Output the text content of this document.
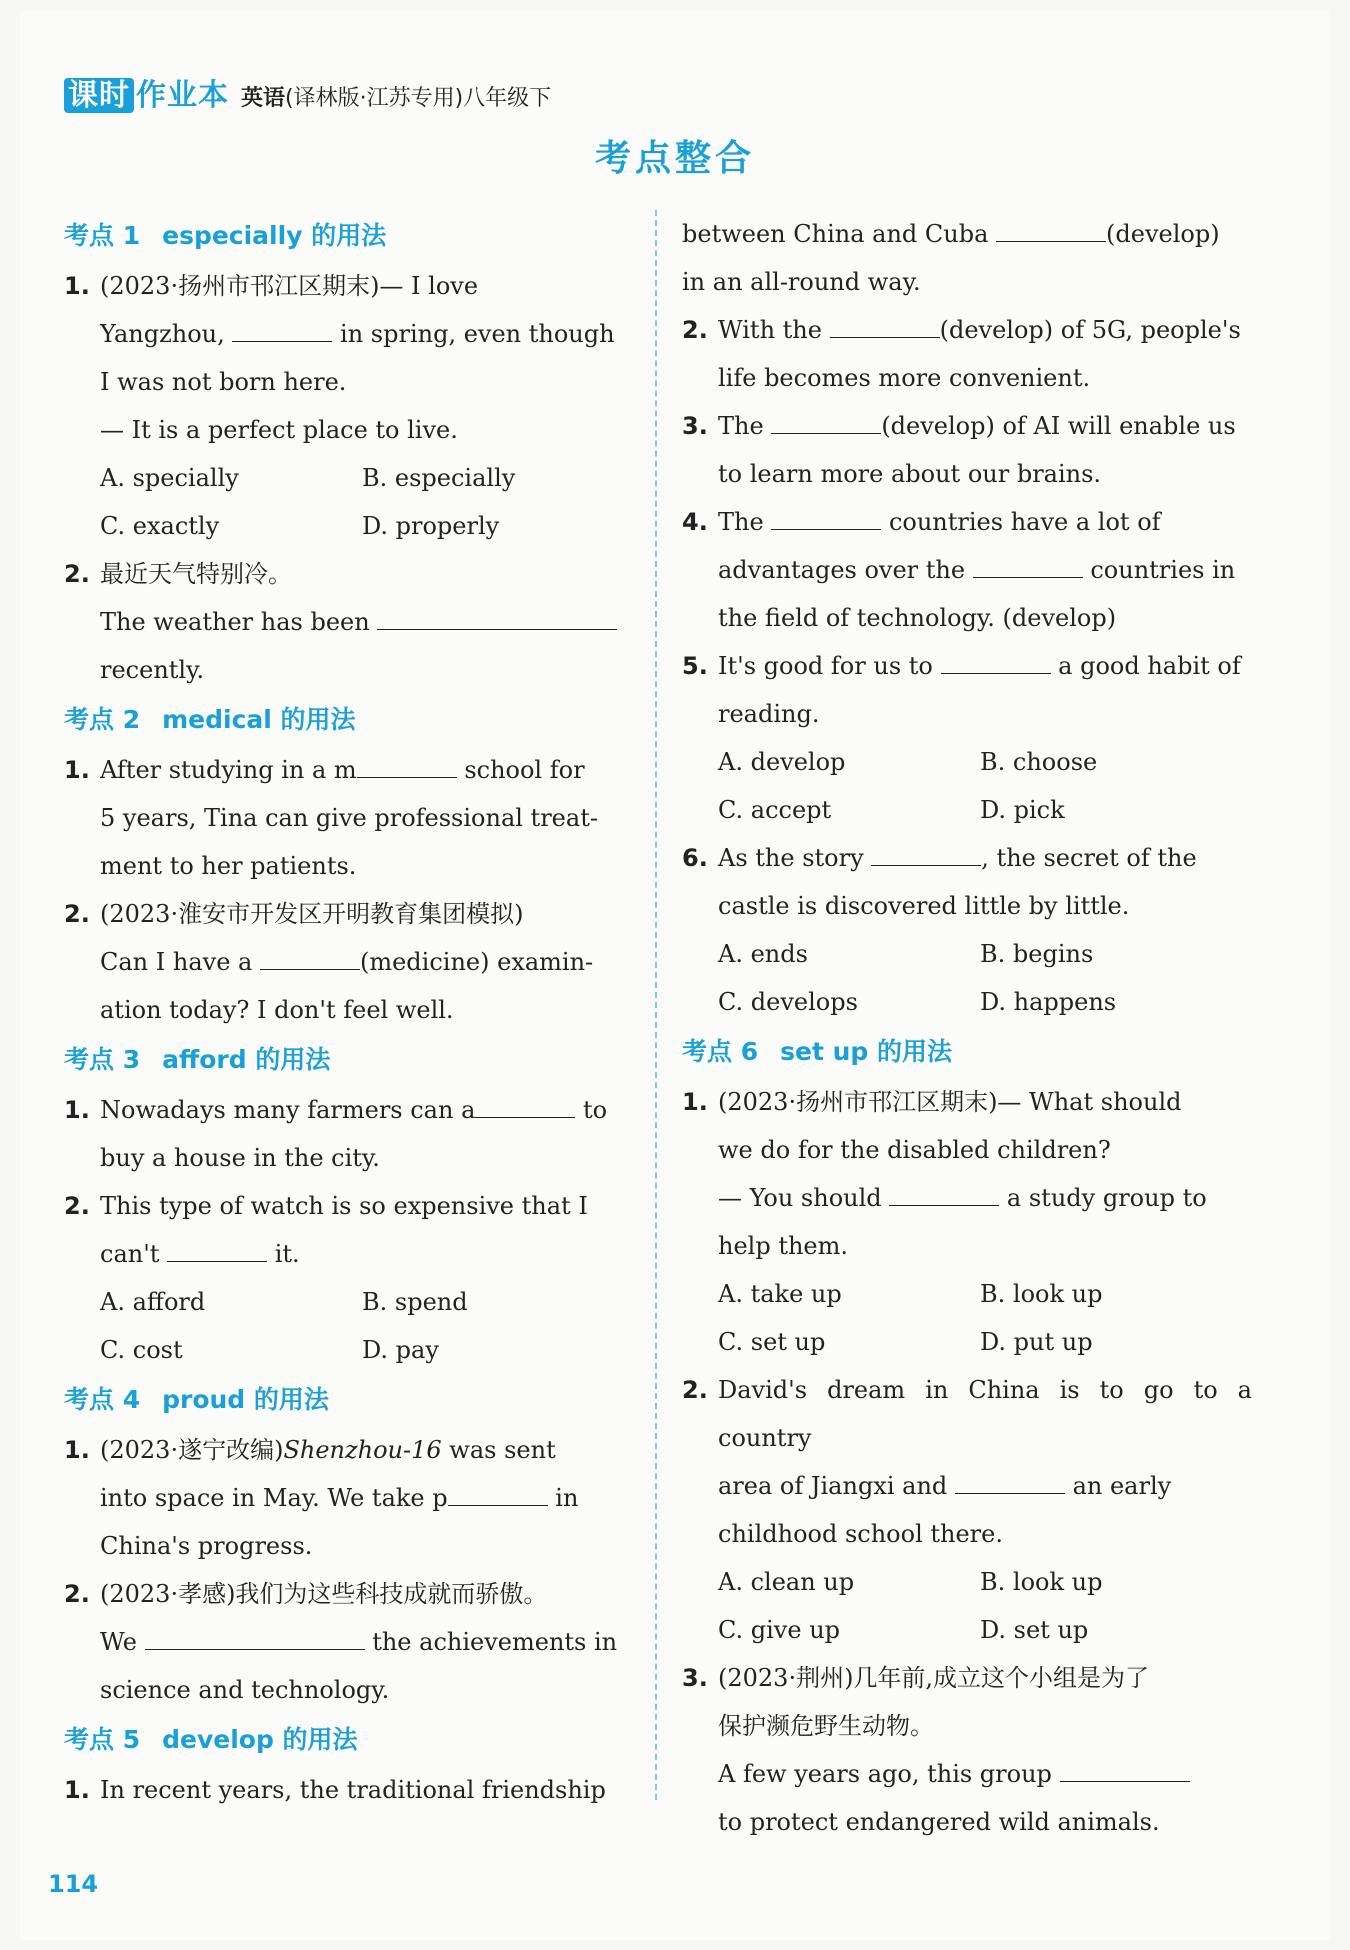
课时 作业本 英语(译林版·江苏专用)八年级下
考点整合
考点 1 especially 的用法
1. (2023·扬州市邗江区期末)— I love
Yangzhou,	in spring, even though
I was not born here.
— It is a perfect place to live.
A. specially	B. especially
C. exactly	D. properly
2. 最近天气特别冷。
The weather has been
recently.
考点 2 medical 的用法
1. After studying in a m	school for
5 years, Tina can give professional treat-
ment to her patients.
2. (2023·淮安市开发区开明教育集团模拟)
Can I have a	(medicine) examin-
ation today? I don't feel well.
考点 3 afford 的用法
1. Nowadays many farmers can a	to
buy a house in the city.
2. This type of watch is so expensive that I
can't	it.
A. afford	B. spend
C. cost	D. pay
考点 4 proud 的用法
1. (2023·遂宁改编)Shenzhou-16 was sent
into space in May. We take p	in
China's progress.
2. (2023·孝感)我们为这些科技成就而骄傲。
We	the achievements in
science and technology.
考点 5 develop 的用法
1. In recent years, the traditional friendship
between China and Cuba	(develop)
in an all-round way.
2. With the	(develop) of 5G, people's
life becomes more convenient.
3. The	(develop) of AI will enable us
to learn more about our brains.
4. The	countries have a lot of
advantages over the	countries in
the field of technology. (develop)
5. It's good for us to	a good habit of
reading.
A. develop	B. choose
C. accept	D. pick
6. As the story	, the secret of the
castle is discovered little by little.
A. ends	B. begins
C. develops	D. happens
考点 6 set up 的用法
1. (2023·扬州市邗江区期末)— What should
we do for the disabled children?
— You should	a study group to
help them.
A. take up	B. look up
C. set up	D. put up
2. David's dream in China is to go to a country
area of Jiangxi and	an early
childhood school there.
A. clean up	B. look up
C. give up	D. set up
3. (2023·荆州)几年前,成立这个小组是为了
保护濒危野生动物。
A few years ago, this group
to protect endangered wild animals.
114
